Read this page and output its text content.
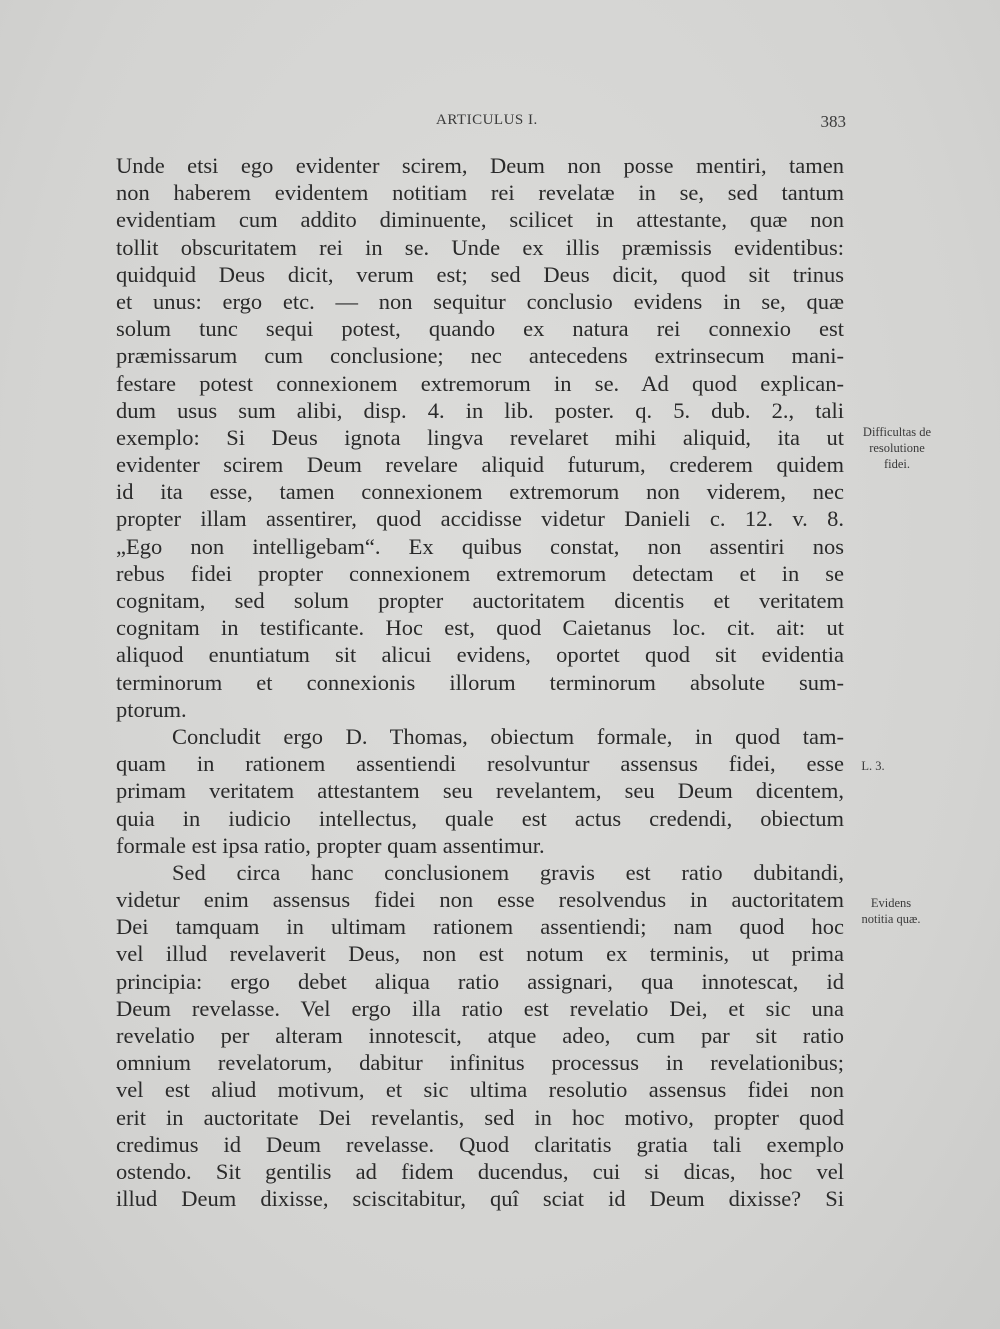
ARTICULUS I.	383
Unde etsi ego evidenter scirem, Deum non posse mentiri, tamen
non haberem evidentem notitiam rei revelatæ in se, sed tantum
evidentiam cum addito diminuente, scilicet in attestante, quæ non
tollit obscuritatem rei in se. Unde ex illis præmissis evidentibus:
quidquid Deus dicit, verum est; sed Deus dicit, quod sit trinus
et unus: ergo etc. — non sequitur conclusio evidens in se, quæ
solum tunc sequi potest, quando ex natura rei connexio est
præmissarum cum conclusione; nec antecedens extrinsecum mani-
festare potest connexionem extremorum in se. Ad quod explican-
dum usus sum alibi, disp. 4. in lib. poster. q. 5. dub. 2., tali
exemplo: Si Deus ignota lingva revelaret mihi aliquid, ita ut
evidenter scirem Deum revelare aliquid futurum, crederem quidem
id ita esse, tamen connexionem extremorum non viderem, nec
propter illam assentirer, quod accidisse videtur Danieli c. 12. v. 8.
„Ego non intelligebam“. Ex quibus constat, non assentiri nos
rebus fidei propter connexionem extremorum detectam et in se
cognitam, sed solum propter auctoritatem dicentis et veritatem
cognitam in testificante. Hoc est, quod Caietanus loc. cit. ait: ut
aliquod enuntiatum sit alicui evidens, oportet quod sit evidentia
terminorum et connexionis illorum terminorum absolute sum-
ptorum.
Concludit ergo D. Thomas, obiectum formale, in quod tam-
quam in rationem assentiendi resolvuntur assensus fidei, esse
primam veritatem attestantem seu revelantem, seu Deum dicentem,
quia in iudicio intellectus, quale est actus credendi, obiectum
formale est ipsa ratio, propter quam assentimur.
Sed circa hanc conclusionem gravis est ratio dubitandi,
videtur enim assensus fidei non esse resolvendus in auctoritatem
Dei tamquam in ultimam rationem assentiendi; nam quod hoc
vel illud revelaverit Deus, non est notum ex terminis, ut prima
principia: ergo debet aliqua ratio assignari, qua innotescat, id
Deum revelasse. Vel ergo illa ratio est revelatio Dei, et sic una
revelatio per alteram innotescit, atque adeo, cum par sit ratio
omnium revelatorum, dabitur infinitus processus in revelationibus;
vel est aliud motivum, et sic ultima resolutio assensus fidei non
erit in auctoritate Dei revelantis, sed in hoc motivo, propter quod
credimus id Deum revelasse. Quod claritatis gratia tali exemplo
ostendo. Sit gentilis ad fidem ducendus, cui si dicas, hoc vel
illud Deum dixisse, sciscitabitur, quî sciat id Deum dixisse? Si
Difficultas de
resolutione
fidei.
L. 3.
Evidens
notitia quæ.
